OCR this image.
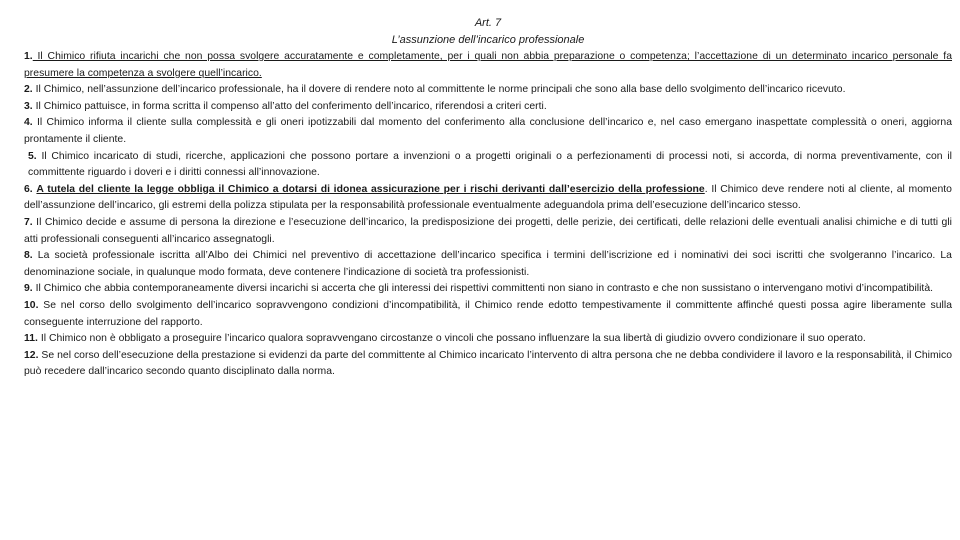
Art. 7

L’assunzione dell’incarico professionale

1. Il Chimico rifiuta incarichi che non possa svolgere accuratamente e completamente, per i quali non abbia preparazione o competenza; l’accettazione di un determinato incarico personale fa presumere la competenza a svolgere quell’incarico.

2. Il Chimico, nell’assunzione dell’incarico professionale, ha il dovere di rendere noto al committente le norme principali che sono alla base dello svolgimento dell’incarico ricevuto.

3. Il Chimico pattuisce, in forma scritta il compenso all’atto del conferimento dell’incarico, riferendosi a criteri certi.

4. Il Chimico informa il cliente sulla complessità e gli oneri ipotizzabili dal momento del conferimento alla conclusione dell’incarico e, nel caso emergano inaspettate complessità o oneri, aggiorna prontamente il cliente.

5. Il Chimico incaricato di studi, ricerche, applicazioni che possono portare a invenzioni o a progetti originali o a perfezionamenti di processi noti, si accorda, di norma preventivamente, con il committente riguardo i doveri e i diritti connessi all’innovazione.

6. A tutela del cliente la legge obbliga il Chimico a dotarsi di idonea assicurazione per i rischi derivanti dall’esercizio della professione. Il Chimico deve rendere noti al cliente, al momento dell’assunzione dell’incarico, gli estremi della polizza stipulata per la responsabilità professionale eventualmente adeguandola prima dell’esecuzione dell’incarico stesso.

7. Il Chimico decide e assume di persona la direzione e l’esecuzione dell’incarico, la predisposizione dei progetti, delle perizie, dei certificati, delle relazioni delle eventuali analisi chimiche e di tutti gli atti professionali conseguenti all’incarico assegnatogli.

8. La società professionale iscritta all’Albo dei Chimici nel preventivo di accettazione dell’incarico specifica i termini dell’iscrizione ed i nominativi dei soci iscritti che svolgeranno l’incarico. La denominazione sociale, in qualunque modo formata, deve contenere l’indicazione di società tra professionisti.

9. Il Chimico che abbia contemporaneamente diversi incarichi si accerta che gli interessi dei rispettivi committenti non siano in contrasto e che non sussistano o intervengano motivi d’incompatibilità.

10. Se nel corso dello svolgimento dell’incarico sopravvengono condizioni d’incompatibilità, il Chimico rende edotto tempestivamente il committente affinché questi possa agire liberamente sulla conseguente interruzione del rapporto.

11. Il Chimico non è obbligato a proseguire l’incarico qualora sopravvengano circostanze o vincoli che possano influenzare la sua libertà di giudizio ovvero condizionare il suo operato.

12. Se nel corso dell’esecuzione della prestazione si evidenzi da parte del committente al Chimico incaricato l’intervento di altra persona che ne debba condividere il lavoro e la responsabilità, il Chimico può recedere dall’incarico secondo quanto disciplinato dalla norma.
